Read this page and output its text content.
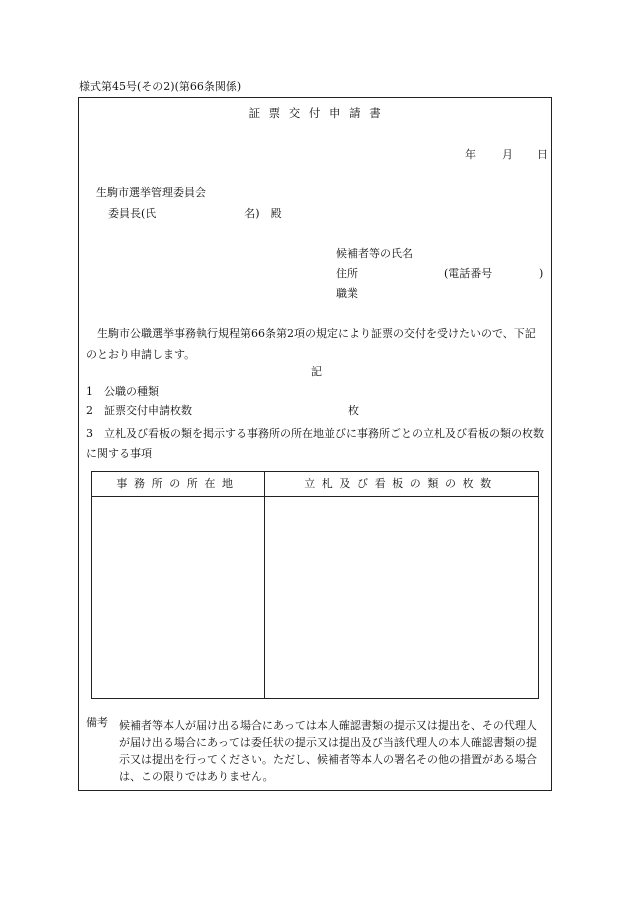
様式第45号(その2)(第66条関係)
証票交付申請書
年 月 日
生駒市選挙管理委員会
委員長(氏　　　　　　　　名)　殿
候補者等の氏名
住所	(電話番号	)
職業
生駒市公職選挙事務執行規程第66条第2項の規定により証票の交付を受けたいので、下記のとおり申請します。
記
1　公職の種類
2　証票交付申請枚数	枚
3 立札及び看板の類を掲示する事務所の所在地並びに事務所ごとの立札及び看板の類の枚数に関する事項
事務所の所在地	立札及び看板の類の枚数
備考 候補者等本人が届け出る場合にあっては本人確認書類の提示又は提出を、その代理人が届け出る場合にあっては委任状の提示又は提出及び当該代理人の本人確認書類の提示又は提出を行ってください。ただし、候補者等本人の署名その他の措置がある場合は、この限りではありません。
